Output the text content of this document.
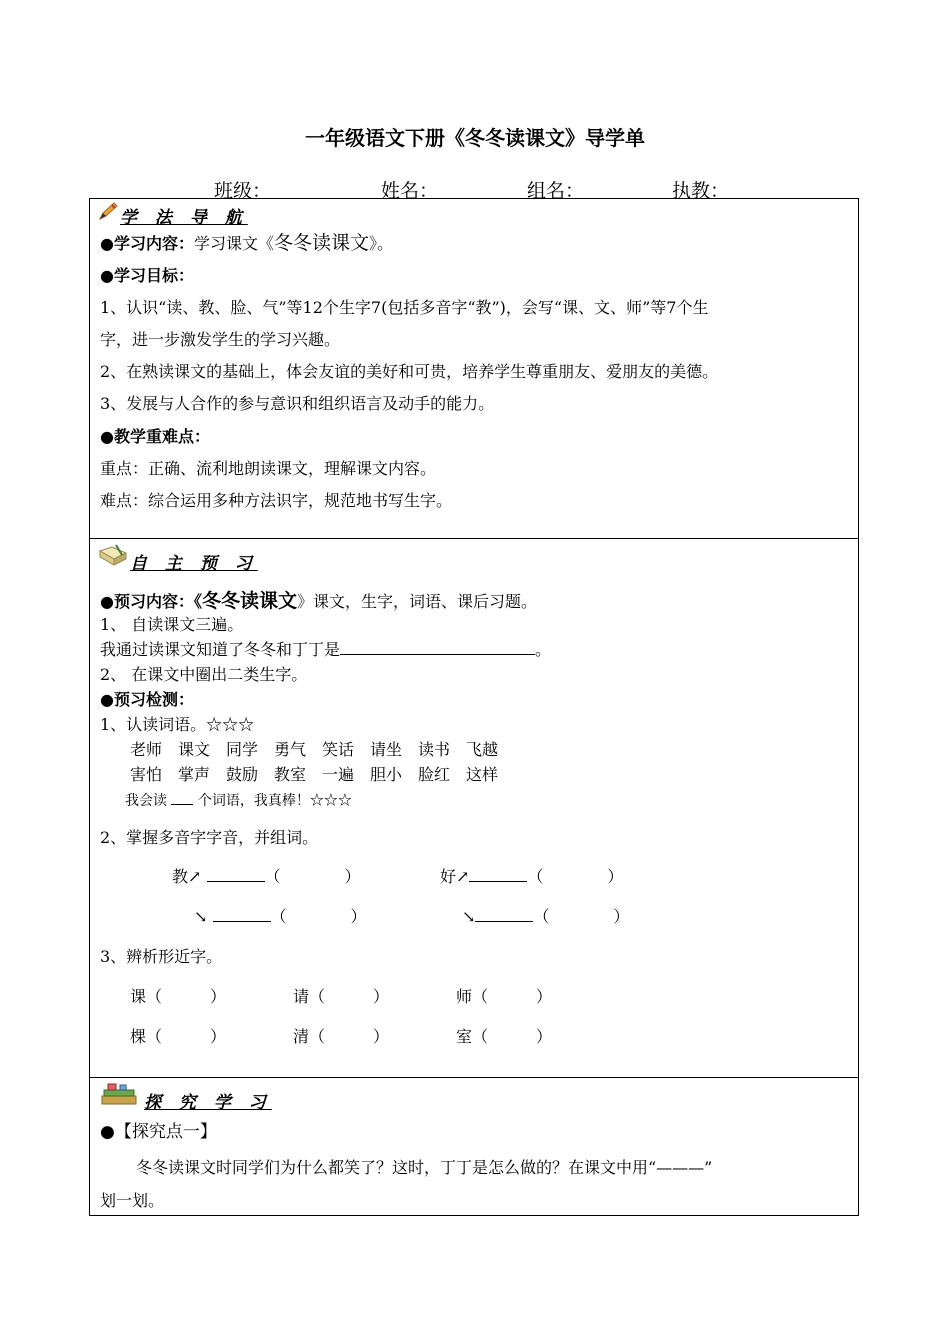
一年级语文下册《冬冬读课文》导学单
班级：	姓名：	组名：	执教：
学 法 导 航
●学习内容：学习课文《冬冬读课文》。
●学习目标：
1、认识“读、教、脸、气”等12个生字7(包括多音字“教”)，会写“课、文、师”等7个生
字，进一步激发学生的学习兴趣。
2、在熟读课文的基础上，体会友谊的美好和可贵，培养学生尊重朋友、爱朋友的美德。
3、发展与人合作的参与意识和组织语言及动手的能力。
●教学重难点：
重点：正确、流利地朗读课文，理解课文内容。
难点：综合运用多种方法识字，规范地书写生字。
自 主 预 习
●预习内容：《冬冬读课文》课文，生字，词语、课后习题。
1、 自读课文三遍。
我通过读课文知道了冬冬和丁丁是	。
2、 在课文中圈出二类生字。
●预习检测：
1、认读词语。☆☆☆
老师　课文　同学　勇气　笑话　请坐　读书　飞越
害怕　掌声　鼓励　教室　一遍　胆小　脸红　这样
我会读 个词语，我真棒！☆☆☆
2、掌握多音字字音，并组词。
教↗	（　　　　）	好↗	（　　　　）
↘	（　　　　）	↘	（　　　　）
3、辨析形近字。
课（　　　）	请（　　　）	师（　　　）
棵（　　　）	清（　　　）	室（　　　）
探 究 学 习
●【探究点一】
冬冬读课文时同学们为什么都笑了？这时，丁丁是怎么做的？在课文中用“———”
划一划。
